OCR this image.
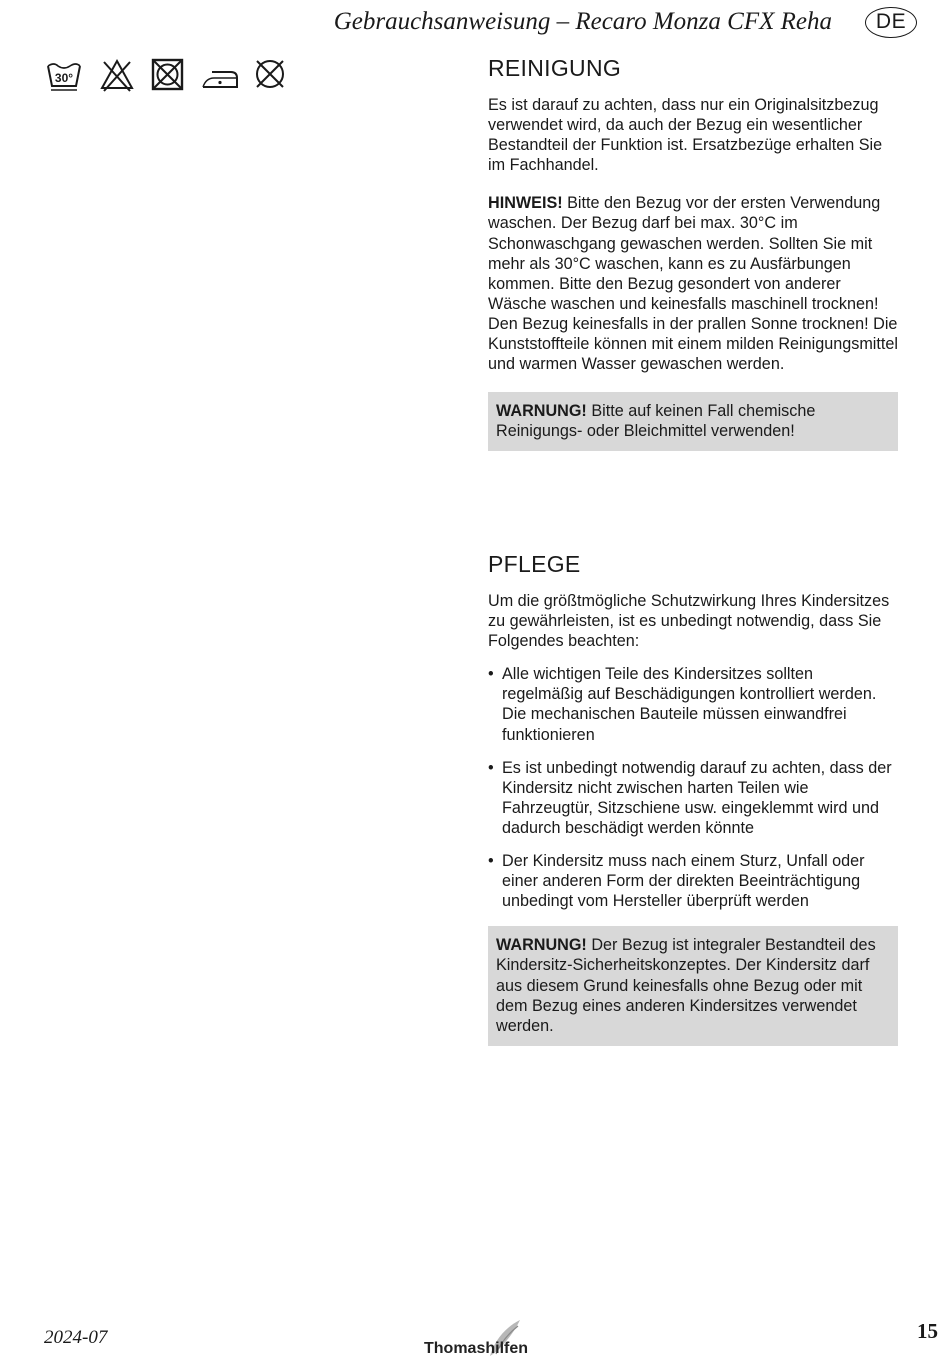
Gebrauchsanweisung – Recaro Monza CFX Reha	DE
30°	REINIGUNG

Es ist darauf zu achten, dass nur ein Originalsitzbezug verwendet wird, da auch der Bezug ein wesentlicher Bestandteil der Funktion ist. Ersatzbezüge erhalten Sie im Fachhandel.

HINWEIS! Bitte den Bezug vor der ersten Verwendung waschen. Der Bezug darf bei max. 30°C im Schonwaschgang gewaschen werden. Sollten Sie mit mehr als 30°C waschen, kann es zu Ausfärbungen kommen. Bitte den Bezug gesondert von anderer Wäsche waschen und keinesfalls maschinell trocknen! Den Bezug keinesfalls in der prallen Sonne trocknen! Die Kunststoffteile können mit einem milden Reinigungsmittel und warmen Wasser gewaschen werden.

WARNUNG! Bitte auf keinen Fall chemische Reinigungs- oder Bleichmittel verwenden!

PFLEGE

Um die größtmögliche Schutzwirkung Ihres Kindersitzes zu gewährleisten, ist es unbedingt notwendig, dass Sie Folgendes beachten:

• Alle wichtigen Teile des Kindersitzes sollten regelmäßig auf Beschädigungen kontrolliert werden. Die mechanischen Bauteile müssen einwandfrei funktionieren
• Es ist unbedingt notwendig darauf zu achten, dass der Kindersitz nicht zwischen harten Teilen wie Fahrzeugtür, Sitzschiene usw. eingeklemmt wird und dadurch beschädigt werden könnte
• Der Kindersitz muss nach einem Sturz, Unfall oder einer anderen Form der direkten Beeinträchtigung unbedingt vom Hersteller überprüft werden

WARNUNG! Der Bezug ist integraler Bestandteil des Kindersitz-Sicherheitskonzeptes. Der Kindersitz darf aus diesem Grund keinesfalls ohne Bezug oder mit dem Bezug eines anderen Kindersitzes verwendet werden.

2024-07
Thomashilfen
15
